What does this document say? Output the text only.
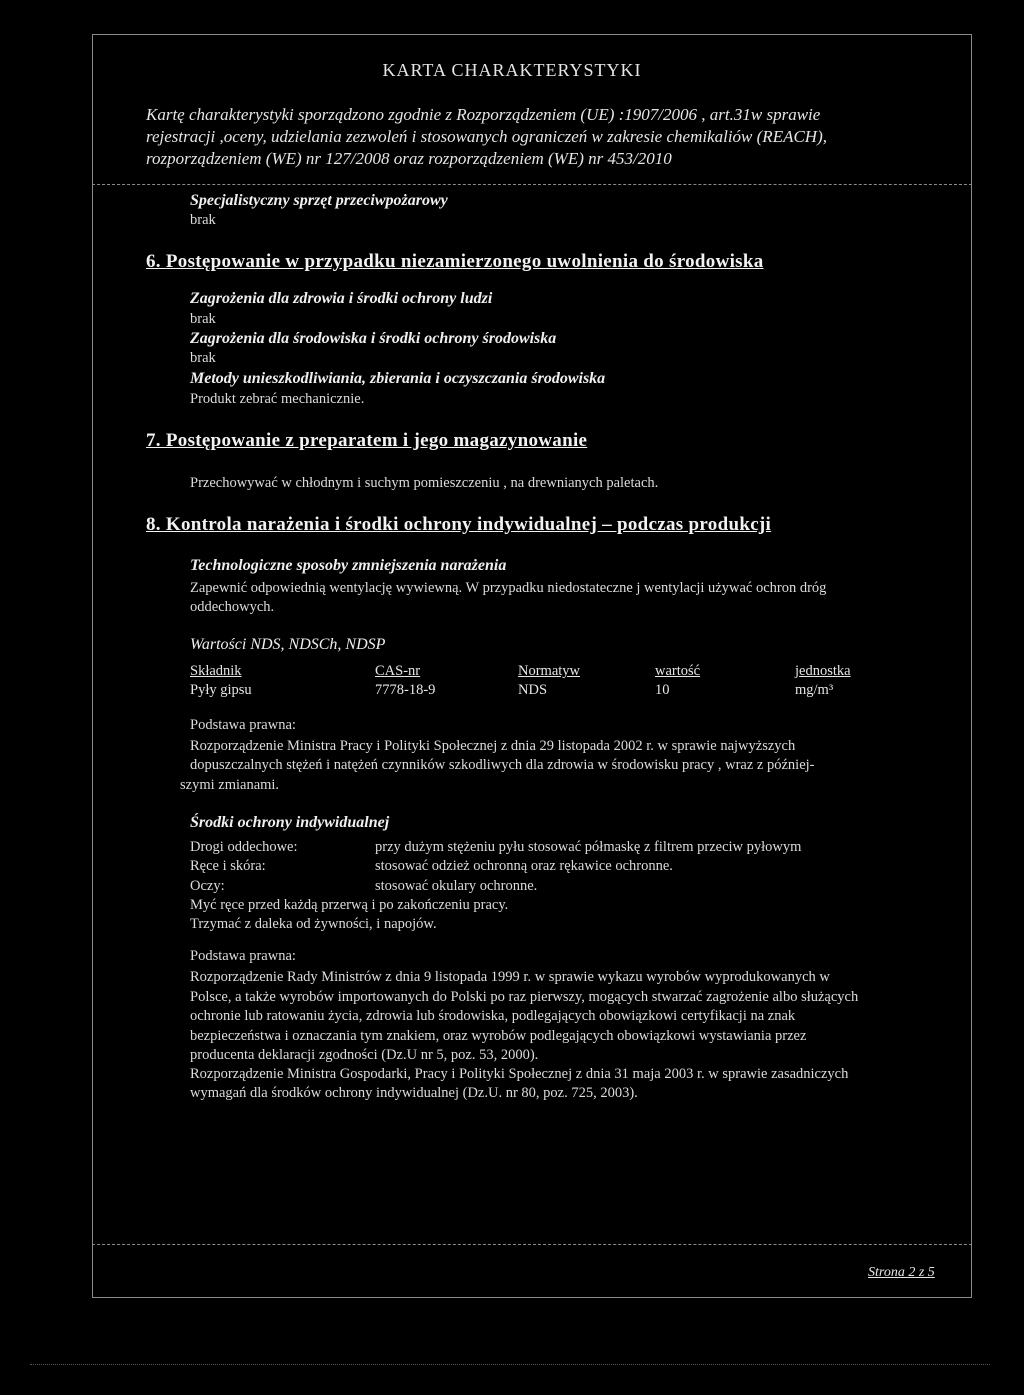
KARTA CHARAKTERYSTYKI
Kartę charakterystyki sporządzono zgodnie z Rozporządzeniem (UE) :1907/2006 , art.31w sprawie
rejestracji ,oceny, udzielania zezwoleń i stosowanych ograniczeń w zakresie chemikaliów (REACH),
rozporządzeniem (WE) nr 127/2008 oraz rozporządzeniem (WE) nr 453/2010
Specjalistyczny sprzęt przeciwpożarowy
brak
6. Postępowanie w przypadku niezamierzonego uwolnienia do środowiska
Zagrożenia dla zdrowia i środki ochrony ludzi
brak
Zagrożenia dla środowiska i środki ochrony środowiska
brak
Metody unieszkodliwiania, zbierania i oczyszczania środowiska
Produkt zebrać mechanicznie.
7. Postępowanie z preparatem i jego magazynowanie
Przechowywać w chłodnym i suchym pomieszczeniu , na drewnianych paletach.
8. Kontrola narażenia i środki ochrony indywidualnej – podczas produkcji
Technologiczne sposoby zmniejszenia narażenia
Zapewnić odpowiednią wentylację wywiewną. W przypadku niedostateczne j wentylacji używać ochron dróg
oddechowych.
Wartości NDS, NDSCh, NDSP
Składnik	CAS-nr	Normatyw	wartość	jednostka
Pyły gipsu	7778-18-9	NDS	10	mg/m³
Podstawa prawna:
Rozporządzenie Ministra Pracy i Polityki Społecznej z dnia 29 listopada 2002 r. w sprawie najwyższych
dopuszczalnych stężeń i natężeń czynników szkodliwych dla zdrowia w środowisku pracy , wraz z później-
szymi zmianami.
Środki ochrony indywidualnej
Drogi oddechowe:	przy dużym stężeniu pyłu stosować półmaskę z filtrem przeciw pyłowym
Ręce i skóra:	stosować odzież ochronną oraz rękawice ochronne.
Oczy:	stosować okulary ochronne.
Myć ręce przed każdą przerwą i po zakończeniu pracy.
Trzymać z daleka od żywności, i napojów.
Podstawa prawna:
Rozporządzenie Rady Ministrów z dnia 9 listopada 1999 r. w sprawie wykazu wyrobów wyprodukowanych w
Polsce, a także wyrobów importowanych do Polski po raz pierwszy, mogących stwarzać zagrożenie albo służących
ochronie lub ratowaniu życia, zdrowia lub środowiska, podlegających obowiązkowi certyfikacji na znak
bezpieczeństwa i oznaczania tym znakiem, oraz wyrobów podlegających obowiązkowi wystawiania przez
producenta deklaracji zgodności (Dz.U nr 5, poz. 53, 2000).
Rozporządzenie Ministra Gospodarki, Pracy i Polityki Społecznej z dnia 31 maja 2003 r. w sprawie zasadniczych
wymagań dla środków ochrony indywidualnej (Dz.U. nr 80, poz. 725, 2003).
Strona 2 z 5
